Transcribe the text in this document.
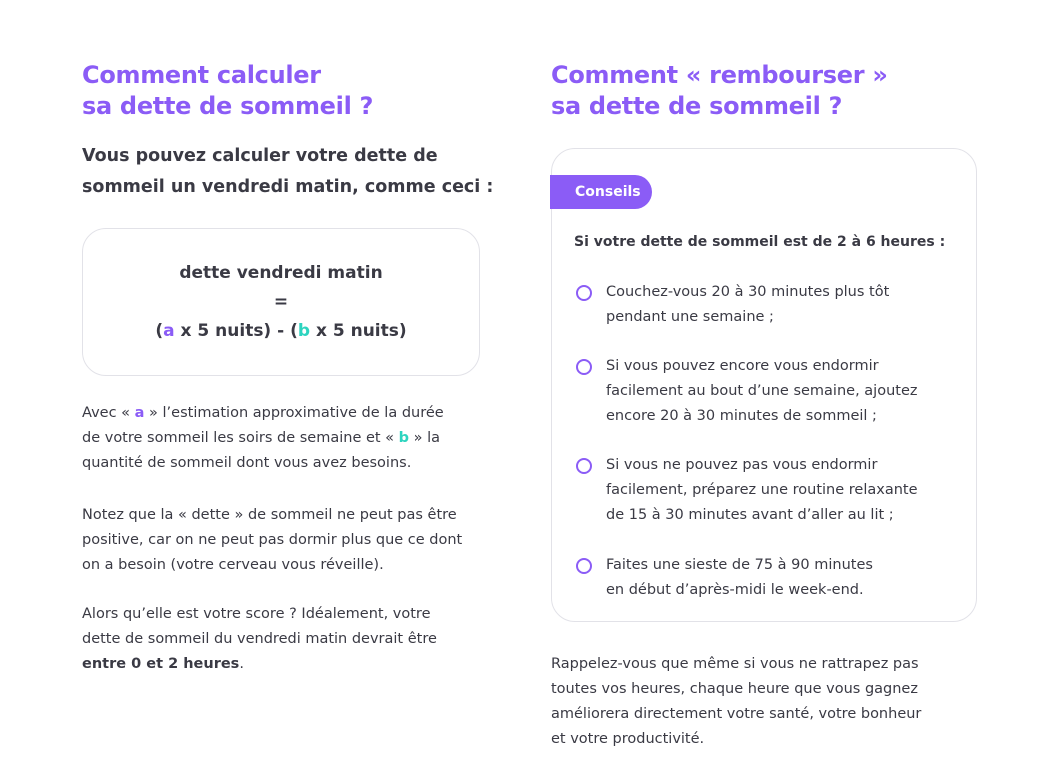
Comment calculer
sa dette de sommeil ?

Vous pouvez calculer votre dette de
sommeil un vendredi matin, comme ceci :

dette vendredi matin
=
(a x 5 nuits) - (b x 5 nuits)

Avec « a » l’estimation approximative de la durée
de votre sommeil les soirs de semaine et « b » la
quantité de sommeil dont vous avez besoins.

Notez que la « dette » de sommeil ne peut pas être
positive, car on ne peut pas dormir plus que ce dont
on a besoin (votre cerveau vous réveille).

Alors qu’elle est votre score ? Idéalement, votre
dette de sommeil du vendredi matin devrait être
entre 0 et 2 heures.

Comment « rembourser »
sa dette de sommeil ?
Conseils
Si votre dette de sommeil est de 2 à 6 heures :
Couchez-vous 20 à 30 minutes plus tôt
pendant une semaine ;
Si vous pouvez encore vous endormir
facilement au bout d’une semaine, ajoutez
encore 20 à 30 minutes de sommeil ;
Si vous ne pouvez pas vous endormir
facilement, préparez une routine relaxante
de 15 à 30 minutes avant d’aller au lit ;
Faites une sieste de 75 à 90 minutes
en début d’après-midi le week-end.

Rappelez-vous que même si vous ne rattrapez pas
toutes vos heures, chaque heure que vous gagnez
améliorera directement votre santé, votre bonheur
et votre productivité.
